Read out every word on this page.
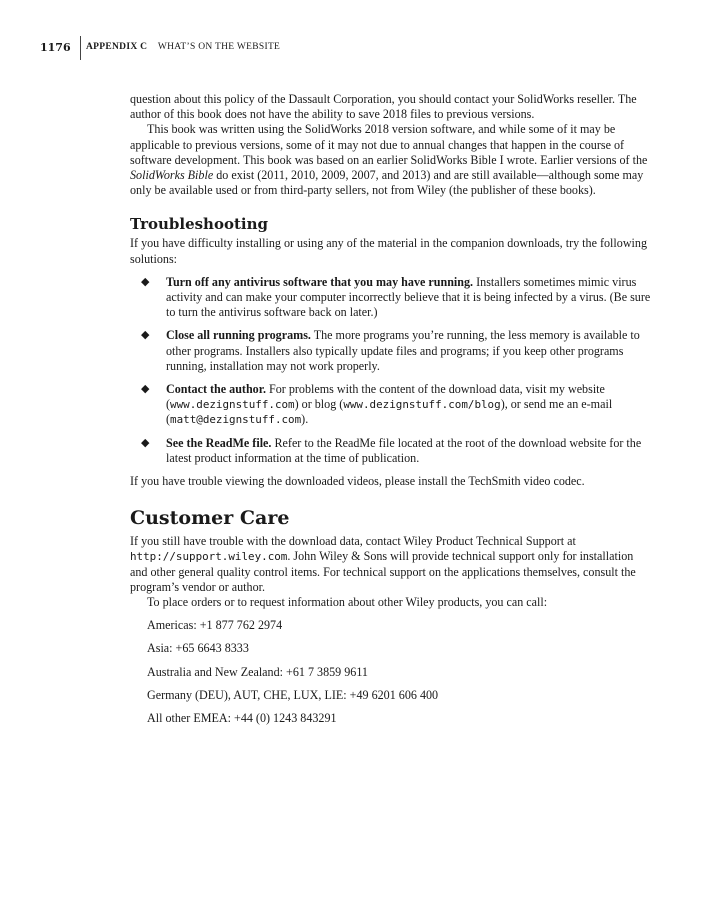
1176 APPENDIX C WHAT’S ON THE WEBSITE

question about this policy of the Dassault Corporation, you should contact your SolidWorks reseller. The author of this book does not have the ability to save 2018 files to previous versions.

This book was written using the SolidWorks 2018 version software, and while some of it may be applicable to previous versions, some of it may not due to annual changes that happen in the course of software development. This book was based on an earlier SolidWorks Bible I wrote. Earlier versions of the SolidWorks Bible do exist (2011, 2010, 2009, 2007, and 2013) and are still available—although some may only be available used or from third-party sellers, not from Wiley (the publisher of these books).

Troubleshooting

If you have difficulty installing or using any of the material in the companion downloads, try the following solutions:

◆ Turn off any antivirus software that you may have running. Installers sometimes mimic virus activity and can make your computer incorrectly believe that it is being infected by a virus. (Be sure to turn the antivirus software back on later.)
◆ Close all running programs. The more programs you’re running, the less memory is available to other programs. Installers also typically update files and programs; if you keep other programs running, installation may not work properly.
◆ Contact the author. For problems with the content of the download data, visit my website (www.dezignstuff.com) or blog (www.dezignstuff.com/blog), or send me an e-mail (matt@dezignstuff.com).
◆ See the ReadMe file. Refer to the ReadMe file located at the root of the download website for the latest product information at the time of publication.

If you have trouble viewing the downloaded videos, please install the TechSmith video codec.

Customer Care

If you still have trouble with the download data, contact Wiley Product Technical Support at http://support.wiley.com. John Wiley & Sons will provide technical support only for installation and other general quality control items. For technical support on the applications themselves, consult the program’s vendor or author.

To place orders or to request information about other Wiley products, you can call:

Americas: +1 877 762 2974

Asia: +65 6643 8333

Australia and New Zealand: +61 7 3859 9611

Germany (DEU), AUT, CHE, LUX, LIE: +49 6201 606 400

All other EMEA: +44 (0) 1243 843291
